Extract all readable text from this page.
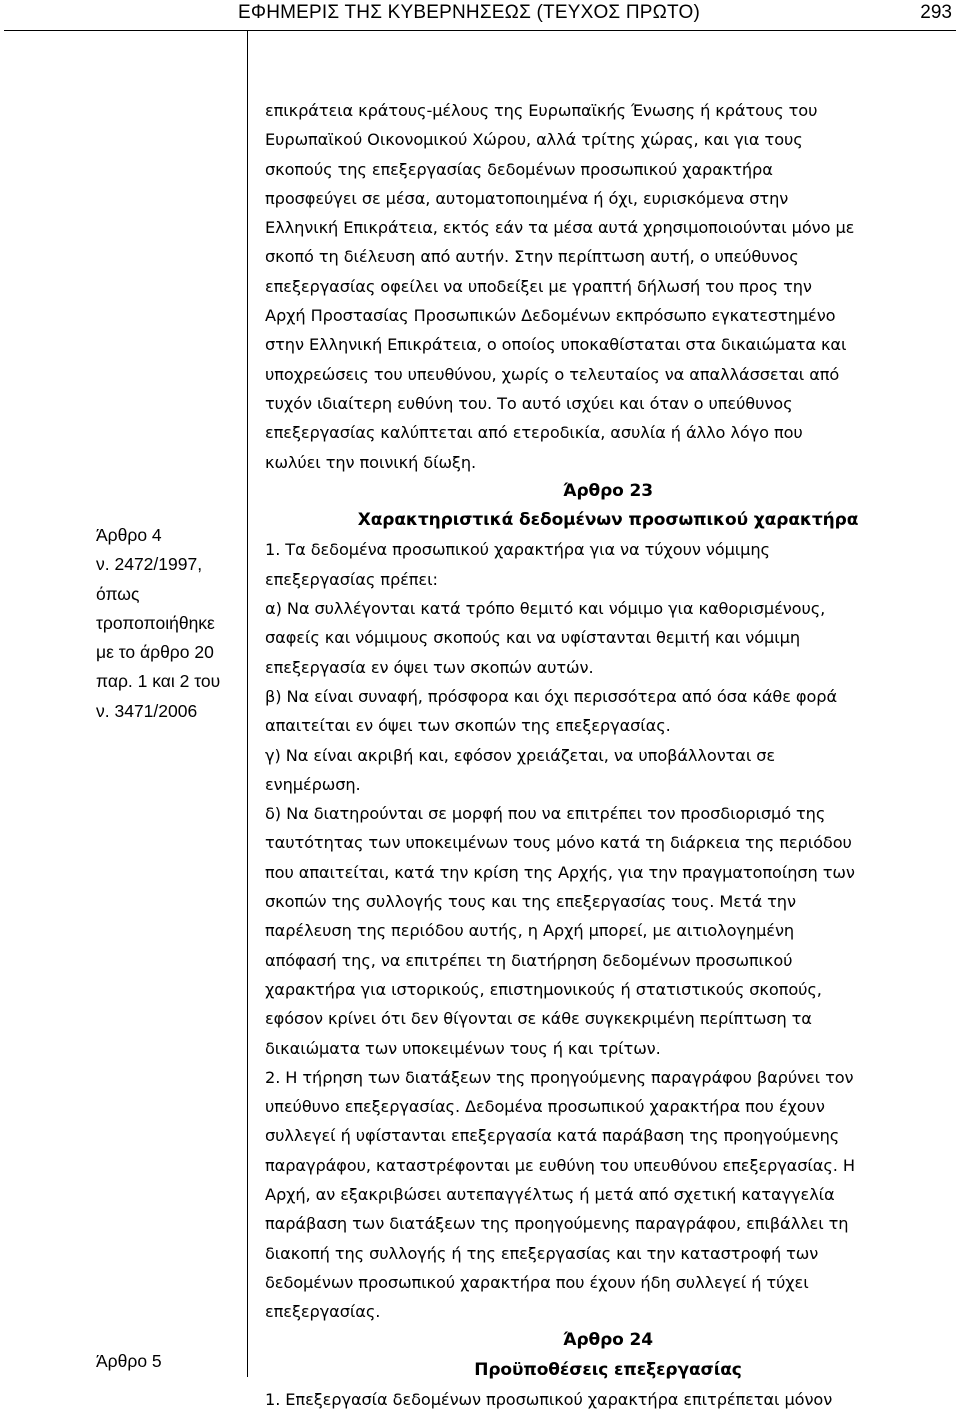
ΕΦΗΜΕΡΙΣ ΤΗΣ ΚΥΒΕΡΝΗΣΕΩΣ (ΤΕΥΧΟΣ ΠΡΩΤΟ)	293
Άρθρο 4
ν. 2472/1997,
όπως
τροποποιήθηκε
με το άρθρο 20
παρ. 1 και 2 του
ν. 3471/2006
Άρθρο 5
επικράτεια κράτους-μέλους της Ευρωπαϊκής Ένωσης ή κράτους του
Ευρωπαϊκού Οικονομικού Χώρου, αλλά τρίτης χώρας, και για τους
σκοπούς της επεξεργασίας δεδομένων προσωπικού χαρακτήρα
προσφεύγει σε μέσα, αυτοματοποιημένα ή όχι, ευρισκόμενα στην
Ελληνική Επικράτεια, εκτός εάν τα μέσα αυτά χρησιμοποιούνται μόνο με
σκοπό τη διέλευση από αυτήν. Στην περίπτωση αυτή, ο υπεύθυνος
επεξεργασίας οφείλει να υποδείξει με γραπτή δήλωσή του προς την
Αρχή Προστασίας Προσωπικών Δεδομένων εκπρόσωπο εγκατεστημένο
στην Ελληνική Επικράτεια, ο οποίος υποκαθίσταται στα δικαιώματα και
υποχρεώσεις του υπευθύνου, χωρίς ο τελευταίος να απαλλάσσεται από
τυχόν ιδιαίτερη ευθύνη του. Το αυτό ισχύει και όταν ο υπεύθυνος
επεξεργασίας καλύπτεται από ετεροδικία, ασυλία ή άλλο λόγο που
κωλύει την ποινική δίωξη.
Άρθρο 23
Χαρακτηριστικά δεδομένων προσωπικού χαρακτήρα
1. Τα δεδομένα προσωπικού χαρακτήρα για να τύχουν νόμιμης
επεξεργασίας πρέπει:
α) Να συλλέγονται κατά τρόπο θεμιτό και νόμιμο για καθορισμένους,
σαφείς και νόμιμους σκοπούς και να υφίστανται θεμιτή και νόμιμη
επεξεργασία εν όψει των σκοπών αυτών.
β) Να είναι συναφή, πρόσφορα και όχι περισσότερα από όσα κάθε φορά
απαιτείται εν όψει των σκοπών της επεξεργασίας.
γ) Να είναι ακριβή και, εφόσον χρειάζεται, να υποβάλλονται σε
ενημέρωση.
δ) Να διατηρούνται σε μορφή που να επιτρέπει τον προσδιορισμό της
ταυτότητας των υποκειμένων τους μόνο κατά τη διάρκεια της περιόδου
που απαιτείται, κατά την κρίση της Αρχής, για την πραγματοποίηση των
σκοπών της συλλογής τους και της επεξεργασίας τους. Μετά την
παρέλευση της περιόδου αυτής, η Αρχή μπορεί, με αιτιολογημένη
απόφασή της, να επιτρέπει τη διατήρηση δεδομένων προσωπικού
χαρακτήρα για ιστορικούς, επιστημονικούς ή στατιστικούς σκοπούς,
εφόσον κρίνει ότι δεν θίγονται σε κάθε συγκεκριμένη περίπτωση τα
δικαιώματα των υποκειμένων τους ή και τρίτων.
2. Η τήρηση των διατάξεων της προηγούμενης παραγράφου βαρύνει τον
υπεύθυνο επεξεργασίας. Δεδομένα προσωπικού χαρακτήρα που έχουν
συλλεγεί ή υφίστανται επεξεργασία κατά παράβαση της προηγούμενης
παραγράφου, καταστρέφονται με ευθύνη του υπευθύνου επεξεργασίας. Η
Αρχή, αν εξακριβώσει αυτεπαγγέλτως ή μετά από σχετική καταγγελία
παράβαση των διατάξεων της προηγούμενης παραγράφου, επιβάλλει τη
διακοπή της συλλογής ή της επεξεργασίας και την καταστροφή των
δεδομένων προσωπικού χαρακτήρα που έχουν ήδη συλλεγεί ή τύχει
επεξεργασίας.
Άρθρο 24
Προϋποθέσεις επεξεργασίας
1. Επεξεργασία δεδομένων προσωπικού χαρακτήρα επιτρέπεται μόνον
